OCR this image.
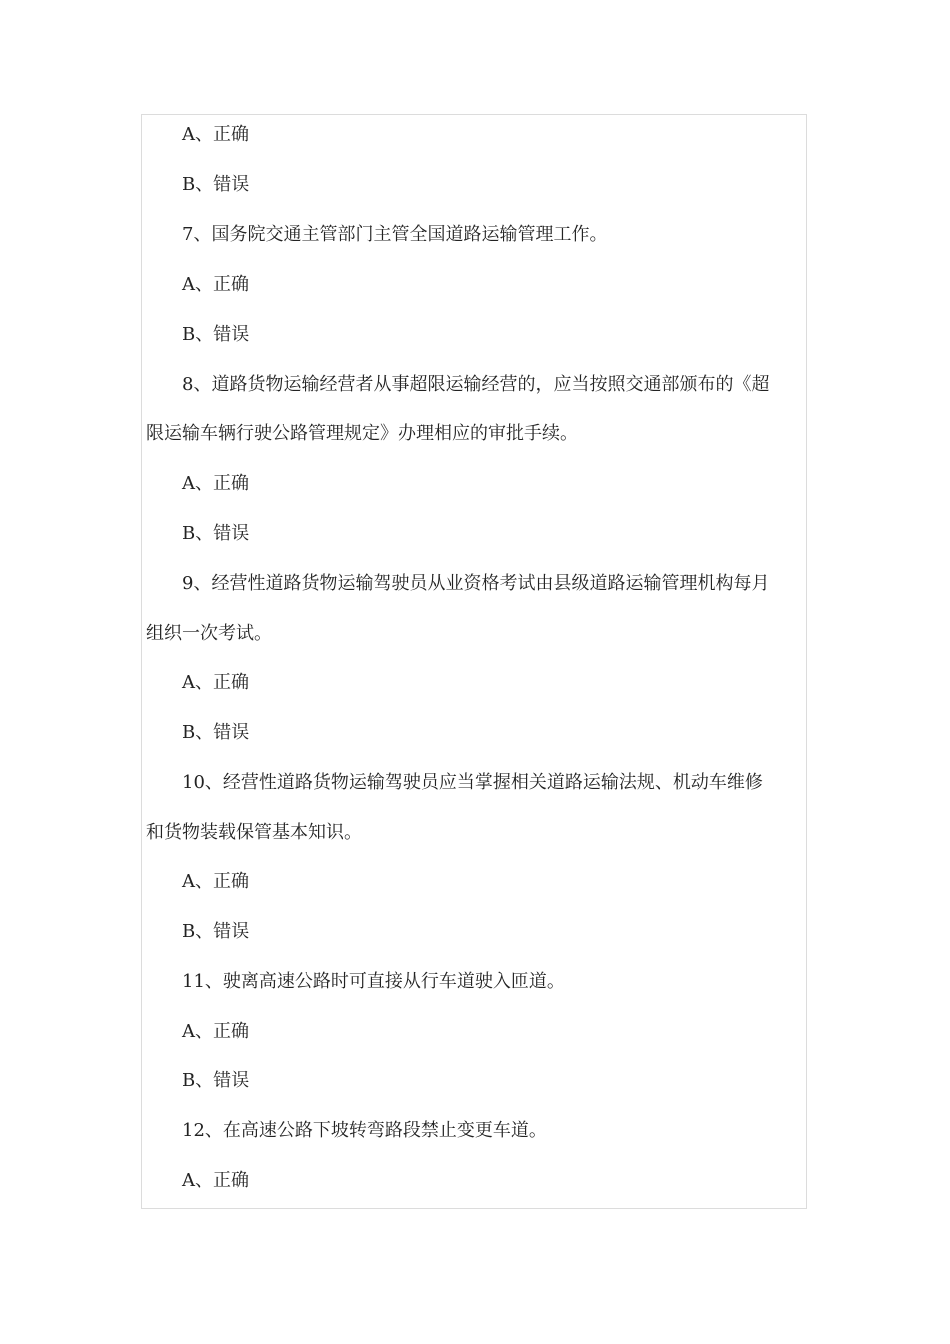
A、正确
B、错误
7、国务院交通主管部门主管全国道路运输管理工作。
A、正确
B、错误
8、道路货物运输经营者从事超限运输经营的，应当按照交通部颁布的《超
限运输车辆行驶公路管理规定》办理相应的审批手续。
A、正确
B、错误
9、经营性道路货物运输驾驶员从业资格考试由县级道路运输管理机构每月
组织一次考试。
A、正确
B、错误
10、经营性道路货物运输驾驶员应当掌握相关道路运输法规、机动车维修
和货物装载保管基本知识。
A、正确
B、错误
11、驶离高速公路时可直接从行车道驶入匝道。
A、正确
B、错误
12、在高速公路下坡转弯路段禁止变更车道。
A、正确
